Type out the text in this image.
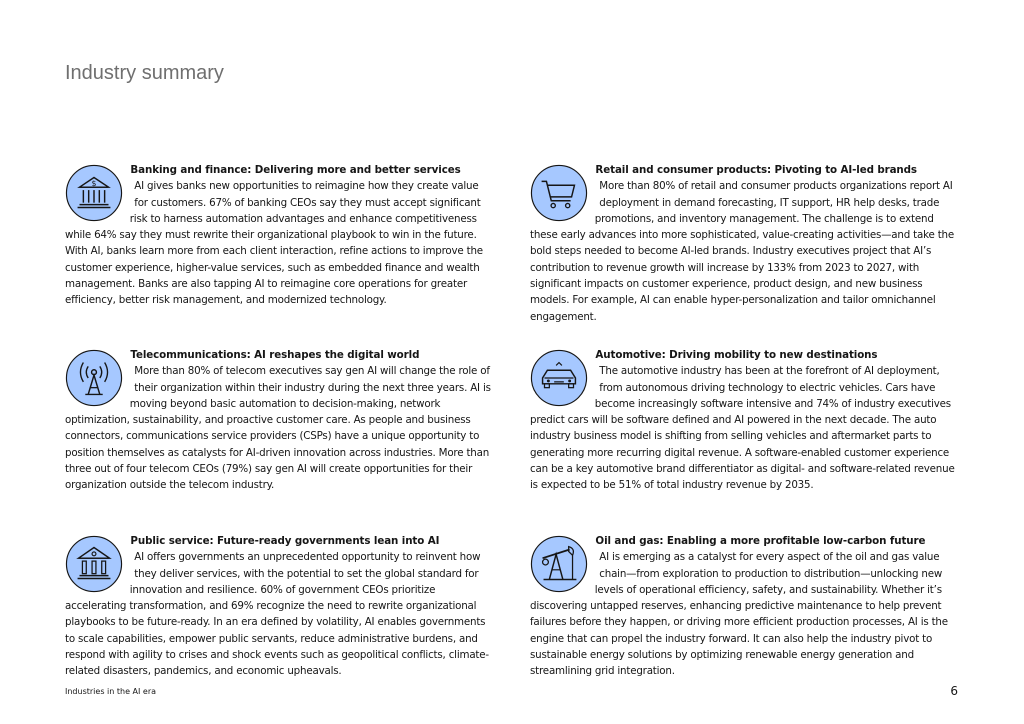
Industry summary
$
Banking and finance: Delivering more and better services

AI gives banks new opportunities to reimagine how they create value for customers. 67% of banking CEOs say they must accept significant risk to harness automation advantages and enhance competitiveness while 64% say they must rewrite their organizational playbook to win in the future. With AI, banks learn more from each client interaction, refine actions to improve the customer experience, higher-value services, such as embedded finance and wealth management. Banks are also tapping AI to reimagine core operations for greater efficiency, better risk management, and modernized technology.

Retail and consumer products: Pivoting to AI-led brands

More than 80% of retail and consumer products organizations report AI deployment in demand forecasting, IT support, HR help desks, trade promotions, and inventory management. The challenge is to extend these early advances into more sophisticated, value-creating activities—and take the bold steps needed to become AI-led brands. Industry executives project that AI’s contribution to revenue growth will increase by 133% from 2023 to 2027, with significant impacts on customer experience, product design, and new business models. For example, AI can enable hyper-personalization and tailor omnichannel engagement.

Telecommunications: AI reshapes the digital world

More than 80% of telecom executives say gen AI will change the role of their organization within their industry during the next three years. AI is moving beyond basic automation to decision-making, network optimization, sustainability, and proactive customer care. As people and business connectors, communications service providers (CSPs) have a unique opportunity to position themselves as catalysts for AI-driven innovation across industries. More than three out of four telecom CEOs (79%) say gen AI will create opportunities for their organization outside the telecom industry.

Automotive: Driving mobility to new destinations

The automotive industry has been at the forefront of AI deployment, from autonomous driving technology to electric vehicles. Cars have become increasingly software intensive and 74% of industry executives predict cars will be software defined and AI powered in the next decade. The auto industry business model is shifting from selling vehicles and aftermarket parts to generating more recurring digital revenue. A software-enabled customer experience can be a key automotive brand differentiator as digital- and software-related revenue is expected to be 51% of total industry revenue by 2035.

Public service: Future-ready governments lean into AI

AI offers governments an unprecedented opportunity to reinvent how they deliver services, with the potential to set the global standard for innovation and resilience. 60% of government CEOs prioritize accelerating transformation, and 69% recognize the need to rewrite organizational playbooks to be future-ready. In an era defined by volatility, AI enables governments to scale capabilities, empower public servants, reduce administrative burdens, and respond with agility to crises and shock events such as geopolitical conflicts, climate-related disasters, pandemics, and economic upheavals.

Oil and gas: Enabling a more profitable low-carbon future

AI is emerging as a catalyst for every aspect of the oil and gas value chain—from exploration to production to distribution—unlocking new levels of operational efficiency, safety, and sustainability. Whether it’s discovering untapped reserves, enhancing predictive maintenance to help prevent failures before they happen, or driving more efficient production processes, AI is the engine that can propel the industry forward. It can also help the industry pivot to sustainable energy solutions by optimizing renewable energy generation and streamlining grid integration.

Industries in the AI era	6
